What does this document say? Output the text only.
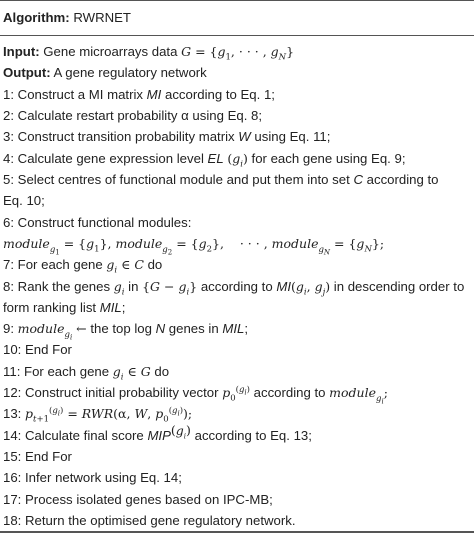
Algorithm: RWRNET
Input: Gene microarrays data $G = \{g_1$, · · · , $g_N$}
Output: A gene regulatory network
1: Construct a MI matrix MI according to Eq. 1;
2: Calculate restart probability α using Eq. 8;
3: Construct transition probability matrix W using Eq. 11;
4: Calculate gene expression level EL $(g_i)$ for each gene using Eq. 9;
5: Select centres of functional module and put them into set C according to
Eq. 10;
6: Construct functional modules:
module$_{g_1}$ = $\{g_1\}$, module$_{g_2}$ = $\{g_2\}$,    · · · , module$_{g_N}$ = $\{g_N\}$;
7: For each gene $g_i$ ∈ C do
8: Rank the genes $g_i$ in $\{G - g_i\}$ according to $MI(g_i$, $g_j$) in descending order to
form ranking list MIL;
9: module$_{g_i}$ ← the top log N genes in MIL;
10: End For
11: For each gene $g_i$ ∈ G do
12: Construct initial probability vector $p_0^{(g_i)}$ according to module$_{g_i}$;
13: $p_{t+1}^{(g_i)} = RWR(\alpha$, W, $p_0^{(g_i)}$);
14: Calculate final score $MIP^{(g_i)}$ according to Eq. 13;
15: End For
16: Infer network using Eq. 14;
17: Process isolated genes based on IPC-MB;
18: Return the optimised gene regulatory network.
